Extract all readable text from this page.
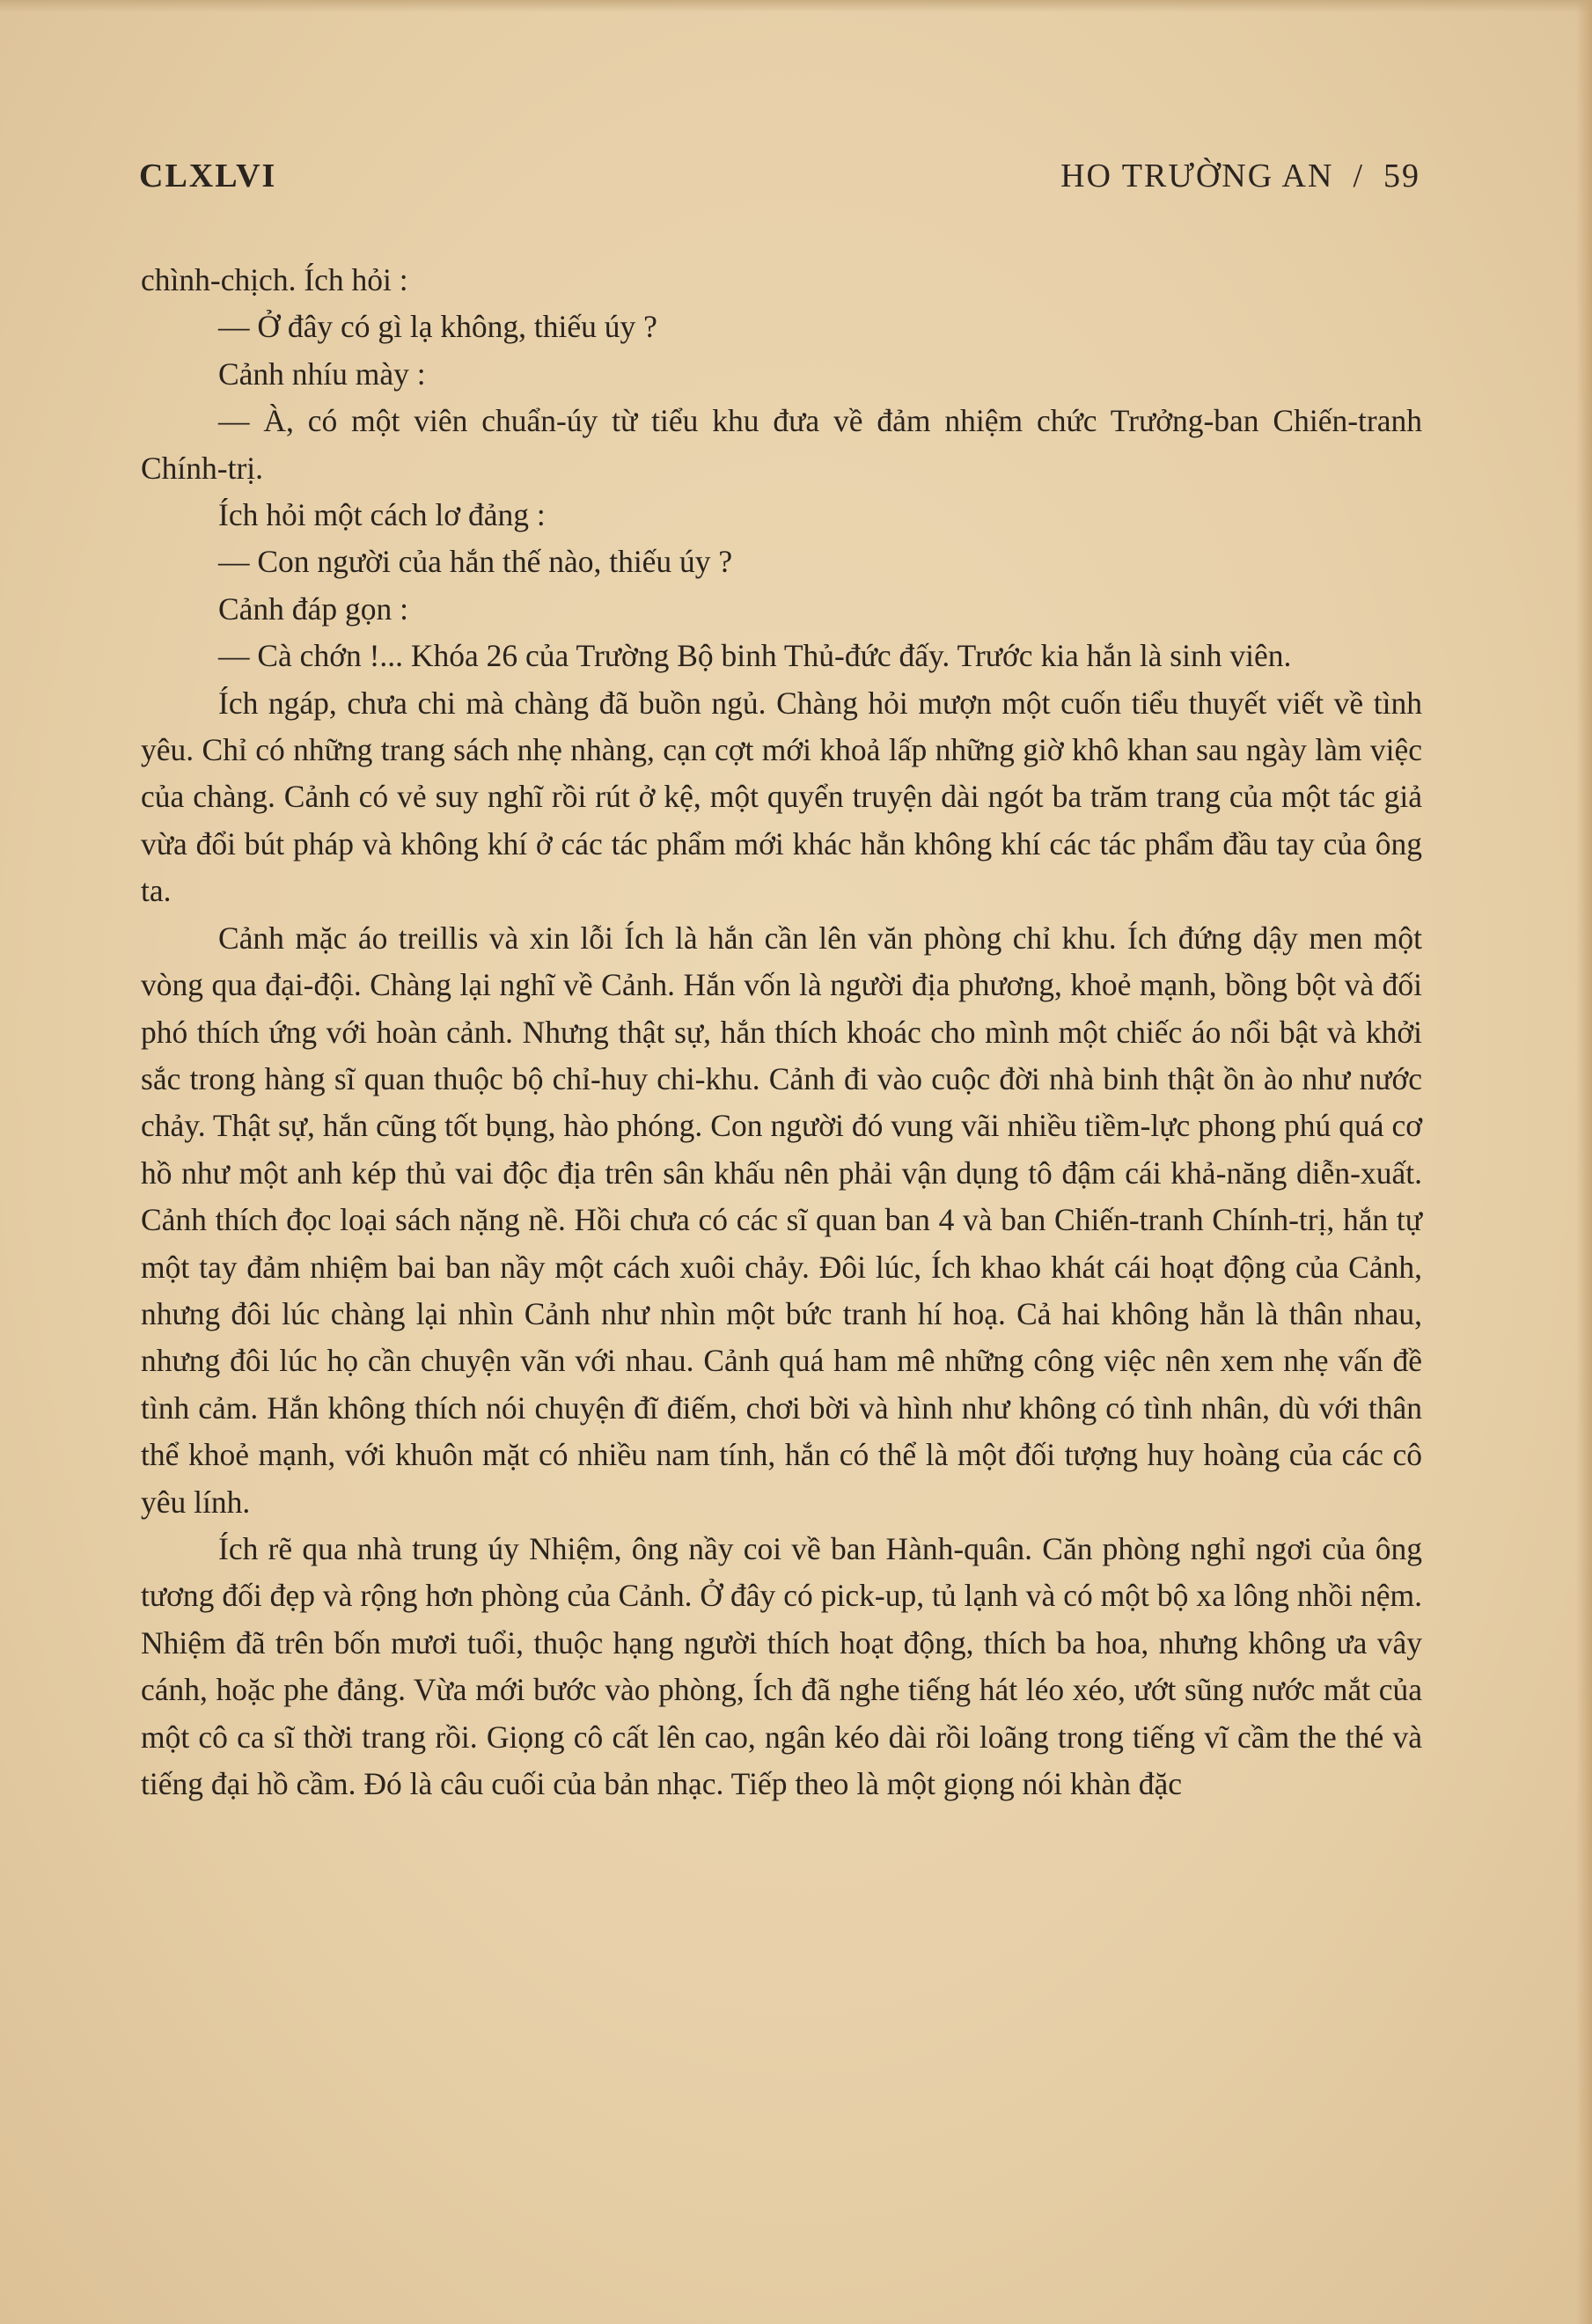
CLXLVI	HO TRƯỜNG AN / 59

chình-chịch. Ích hỏi :

— Ở đây có gì lạ không, thiếu úy ?

Cảnh nhíu mày :

— À, có một viên chuẩn-úy từ tiểu khu đưa về đảm nhiệm chức Trưởng-ban Chiến-tranh Chính-trị.

Ích hỏi một cách lơ đảng :

— Con người của hắn thế nào, thiếu úy ?

Cảnh đáp gọn :

— Cà chớn !... Khóa 26 của Trường Bộ binh Thủ-đức đấy. Trước kia hắn là sinh viên.

Ích ngáp, chưa chi mà chàng đã buồn ngủ. Chàng hỏi mượn một cuốn tiểu thuyết viết về tình yêu. Chỉ có những trang sách nhẹ nhàng, cạn cợt mới khoả lấp những giờ khô khan sau ngày làm việc của chàng. Cảnh có vẻ suy nghĩ rồi rút ở kệ, một quyển truyện dài ngót ba trăm trang của một tác giả vừa đổi bút pháp và không khí ở các tác phẩm mới khác hẳn không khí các tác phẩm đầu tay của ông ta.

Cảnh mặc áo treillis và xin lỗi Ích là hắn cần lên văn phòng chỉ khu. Ích đứng dậy men một vòng qua đại-đội. Chàng lại nghĩ về Cảnh. Hắn vốn là người địa phương, khoẻ mạnh, bồng bột và đối phó thích ứng với hoàn cảnh. Nhưng thật sự, hắn thích khoác cho mình một chiếc áo nổi bật và khởi sắc trong hàng sĩ quan thuộc bộ chỉ-huy chi-khu. Cảnh đi vào cuộc đời nhà binh thật ồn ào như nước chảy. Thật sự, hắn cũng tốt bụng, hào phóng. Con người đó vung vãi nhiều tiềm-lực phong phú quá cơ hồ như một anh kép thủ vai độc địa trên sân khấu nên phải vận dụng tô đậm cái khả-năng diễn-xuất. Cảnh thích đọc loại sách nặng nề. Hồi chưa có các sĩ quan ban 4 và ban Chiến-tranh Chính-trị, hắn tự một tay đảm nhiệm bai ban nầy một cách xuôi chảy. Đôi lúc, Ích khao khát cái hoạt động của Cảnh, nhưng đôi lúc chàng lại nhìn Cảnh như nhìn một bức tranh hí hoạ. Cả hai không hẳn là thân nhau, nhưng đôi lúc họ cần chuyện vãn với nhau. Cảnh quá ham mê những công việc nên xem nhẹ vấn đề tình cảm. Hắn không thích nói chuyện đĩ điếm, chơi bời và hình như không có tình nhân, dù với thân thể khoẻ mạnh, với khuôn mặt có nhiều nam tính, hắn có thể là một đối tượng huy hoàng của các cô yêu lính.

Ích rẽ qua nhà trung úy Nhiệm, ông nầy coi về ban Hành-quân. Căn phòng nghỉ ngơi của ông tương đối đẹp và rộng hơn phòng của Cảnh. Ở đây có pick-up, tủ lạnh và có một bộ xa lông nhồi nệm. Nhiệm đã trên bốn mươi tuổi, thuộc hạng người thích hoạt động, thích ba hoa, nhưng không ưa vây cánh, hoặc phe đảng. Vừa mới bước vào phòng, Ích đã nghe tiếng hát léo xéo, ướt sũng nước mắt của một cô ca sĩ thời trang rồi. Giọng cô cất lên cao, ngân kéo dài rồi loãng trong tiếng vĩ cầm the thé và tiếng đại hồ cầm. Đó là câu cuối của bản nhạc. Tiếp theo là một giọng nói khàn đặc
